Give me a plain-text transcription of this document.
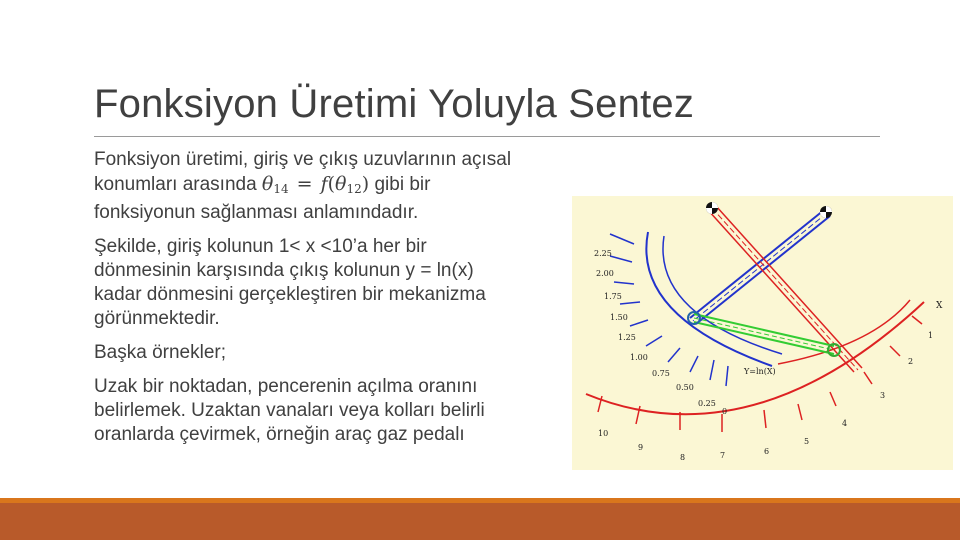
Fonksiyon Üretimi Yoluyla Sentez
Fonksiyon üretimi, giriş ve çıkış uzuvlarının açısal
konumları arasında $\theta_{14} = f(\theta_{12})$ gibi bir
fonksiyonun sağlanması anlamındadır.
Şekilde, giriş kolunun 1< x <10’a her bir
dönmesinin karşısında çıkış kolunun y = ln(x)
kadar dönmesini gerçekleştiren bir mekanizma
görünmektedir.
Başka örnekler;
Uzak bir noktadan, pencerenin açılma oranını
belirlemek. Uzaktan vanaları veya kolları belirli
oranlarda çevirmek, örneğin araç gaz pedalı
2.25
2.00
1.75
1.50
1.25
1.00
0.75
0.50
0.25
0
1
2
3
4
5
6
7
8
9
10
X
Y=ln(X)
